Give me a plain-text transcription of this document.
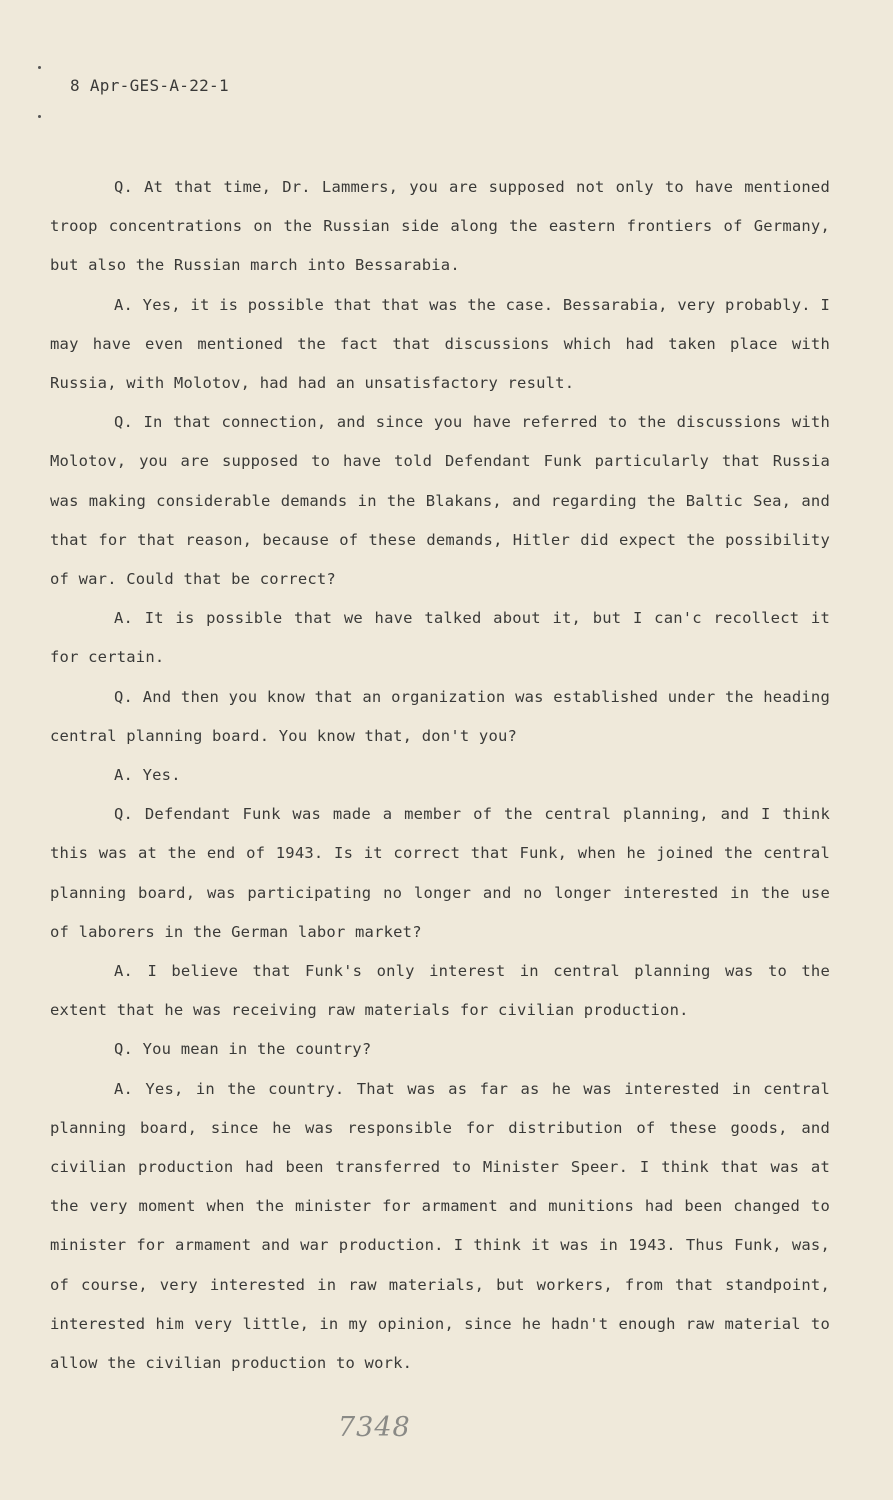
8 Apr-GES-A-22-1

Q. At that time, Dr. Lammers, you are supposed not only to have mentioned troop concentrations on the Russian side along the eastern frontiers of Germany, but also the Russian march into Bessarabia.

A. Yes, it is possible that that was the case. Bessarabia, very probably. I may have even mentioned the fact that discussions which had taken place with Russia, with Molotov, had had an unsatisfactory result.

Q. In that connection, and since you have referred to the discussions with Molotov, you are supposed to have told Defendant Funk particularly that Russia was making considerable demands in the Blakans, and regarding the Baltic Sea, and that for that reason, because of these demands, Hitler did expect the possibility of war. Could that be correct?

A. It is possible that we have talked about it, but I can'c recollect it for certain.

Q. And then you know that an organization was established under the heading central planning board. You know that, don't you?

A. Yes.

Q. Defendant Funk was made a member of the central planning, and I think this was at the end of 1943. Is it correct that Funk, when he joined the central planning board, was participating no longer and no longer interested in the use of laborers in the German labor market?

A. I believe that Funk's only interest in central planning was to the extent that he was receiving raw materials for civilian production.

Q. You mean in the country?

A. Yes, in the country. That was as far as he was interested in central planning board, since he was responsible for distribution of these goods, and civilian production had been transferred to Minister Speer. I think that was at the very moment when the minister for armament and munitions had been changed to minister for armament and war production. I think it was in 1943. Thus Funk, was, of course, very interested in raw materials, but workers, from that standpoint, interested him very little, in my opinion, since he hadn't enough raw material to allow the civilian production to work.

7348
